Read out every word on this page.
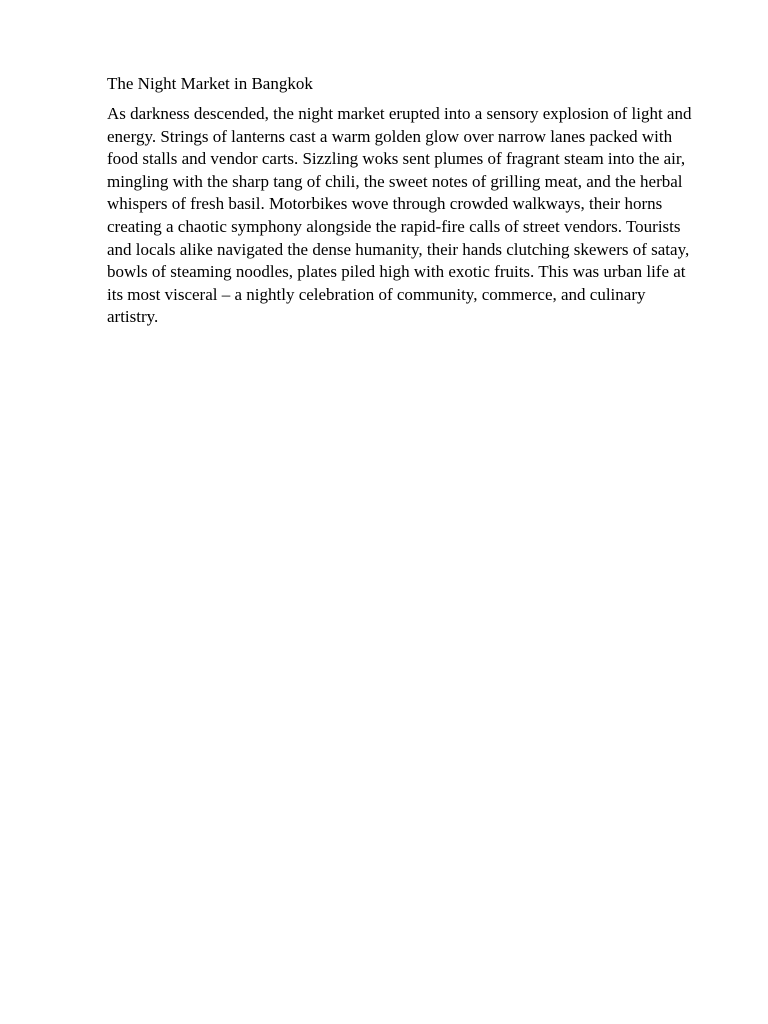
The Night Market in Bangkok

As darkness descended, the night market erupted into a sensory explosion of light and energy. Strings of lanterns cast a warm golden glow over narrow lanes packed with food stalls and vendor carts. Sizzling woks sent plumes of fragrant steam into the air, mingling with the sharp tang of chili, the sweet notes of grilling meat, and the herbal whispers of fresh basil. Motorbikes wove through crowded walkways, their horns creating a chaotic symphony alongside the rapid-fire calls of street vendors. Tourists and locals alike navigated the dense humanity, their hands clutching skewers of satay, bowls of steaming noodles, plates piled high with exotic fruits. This was urban life at its most visceral – a nightly celebration of community, commerce, and culinary artistry.
